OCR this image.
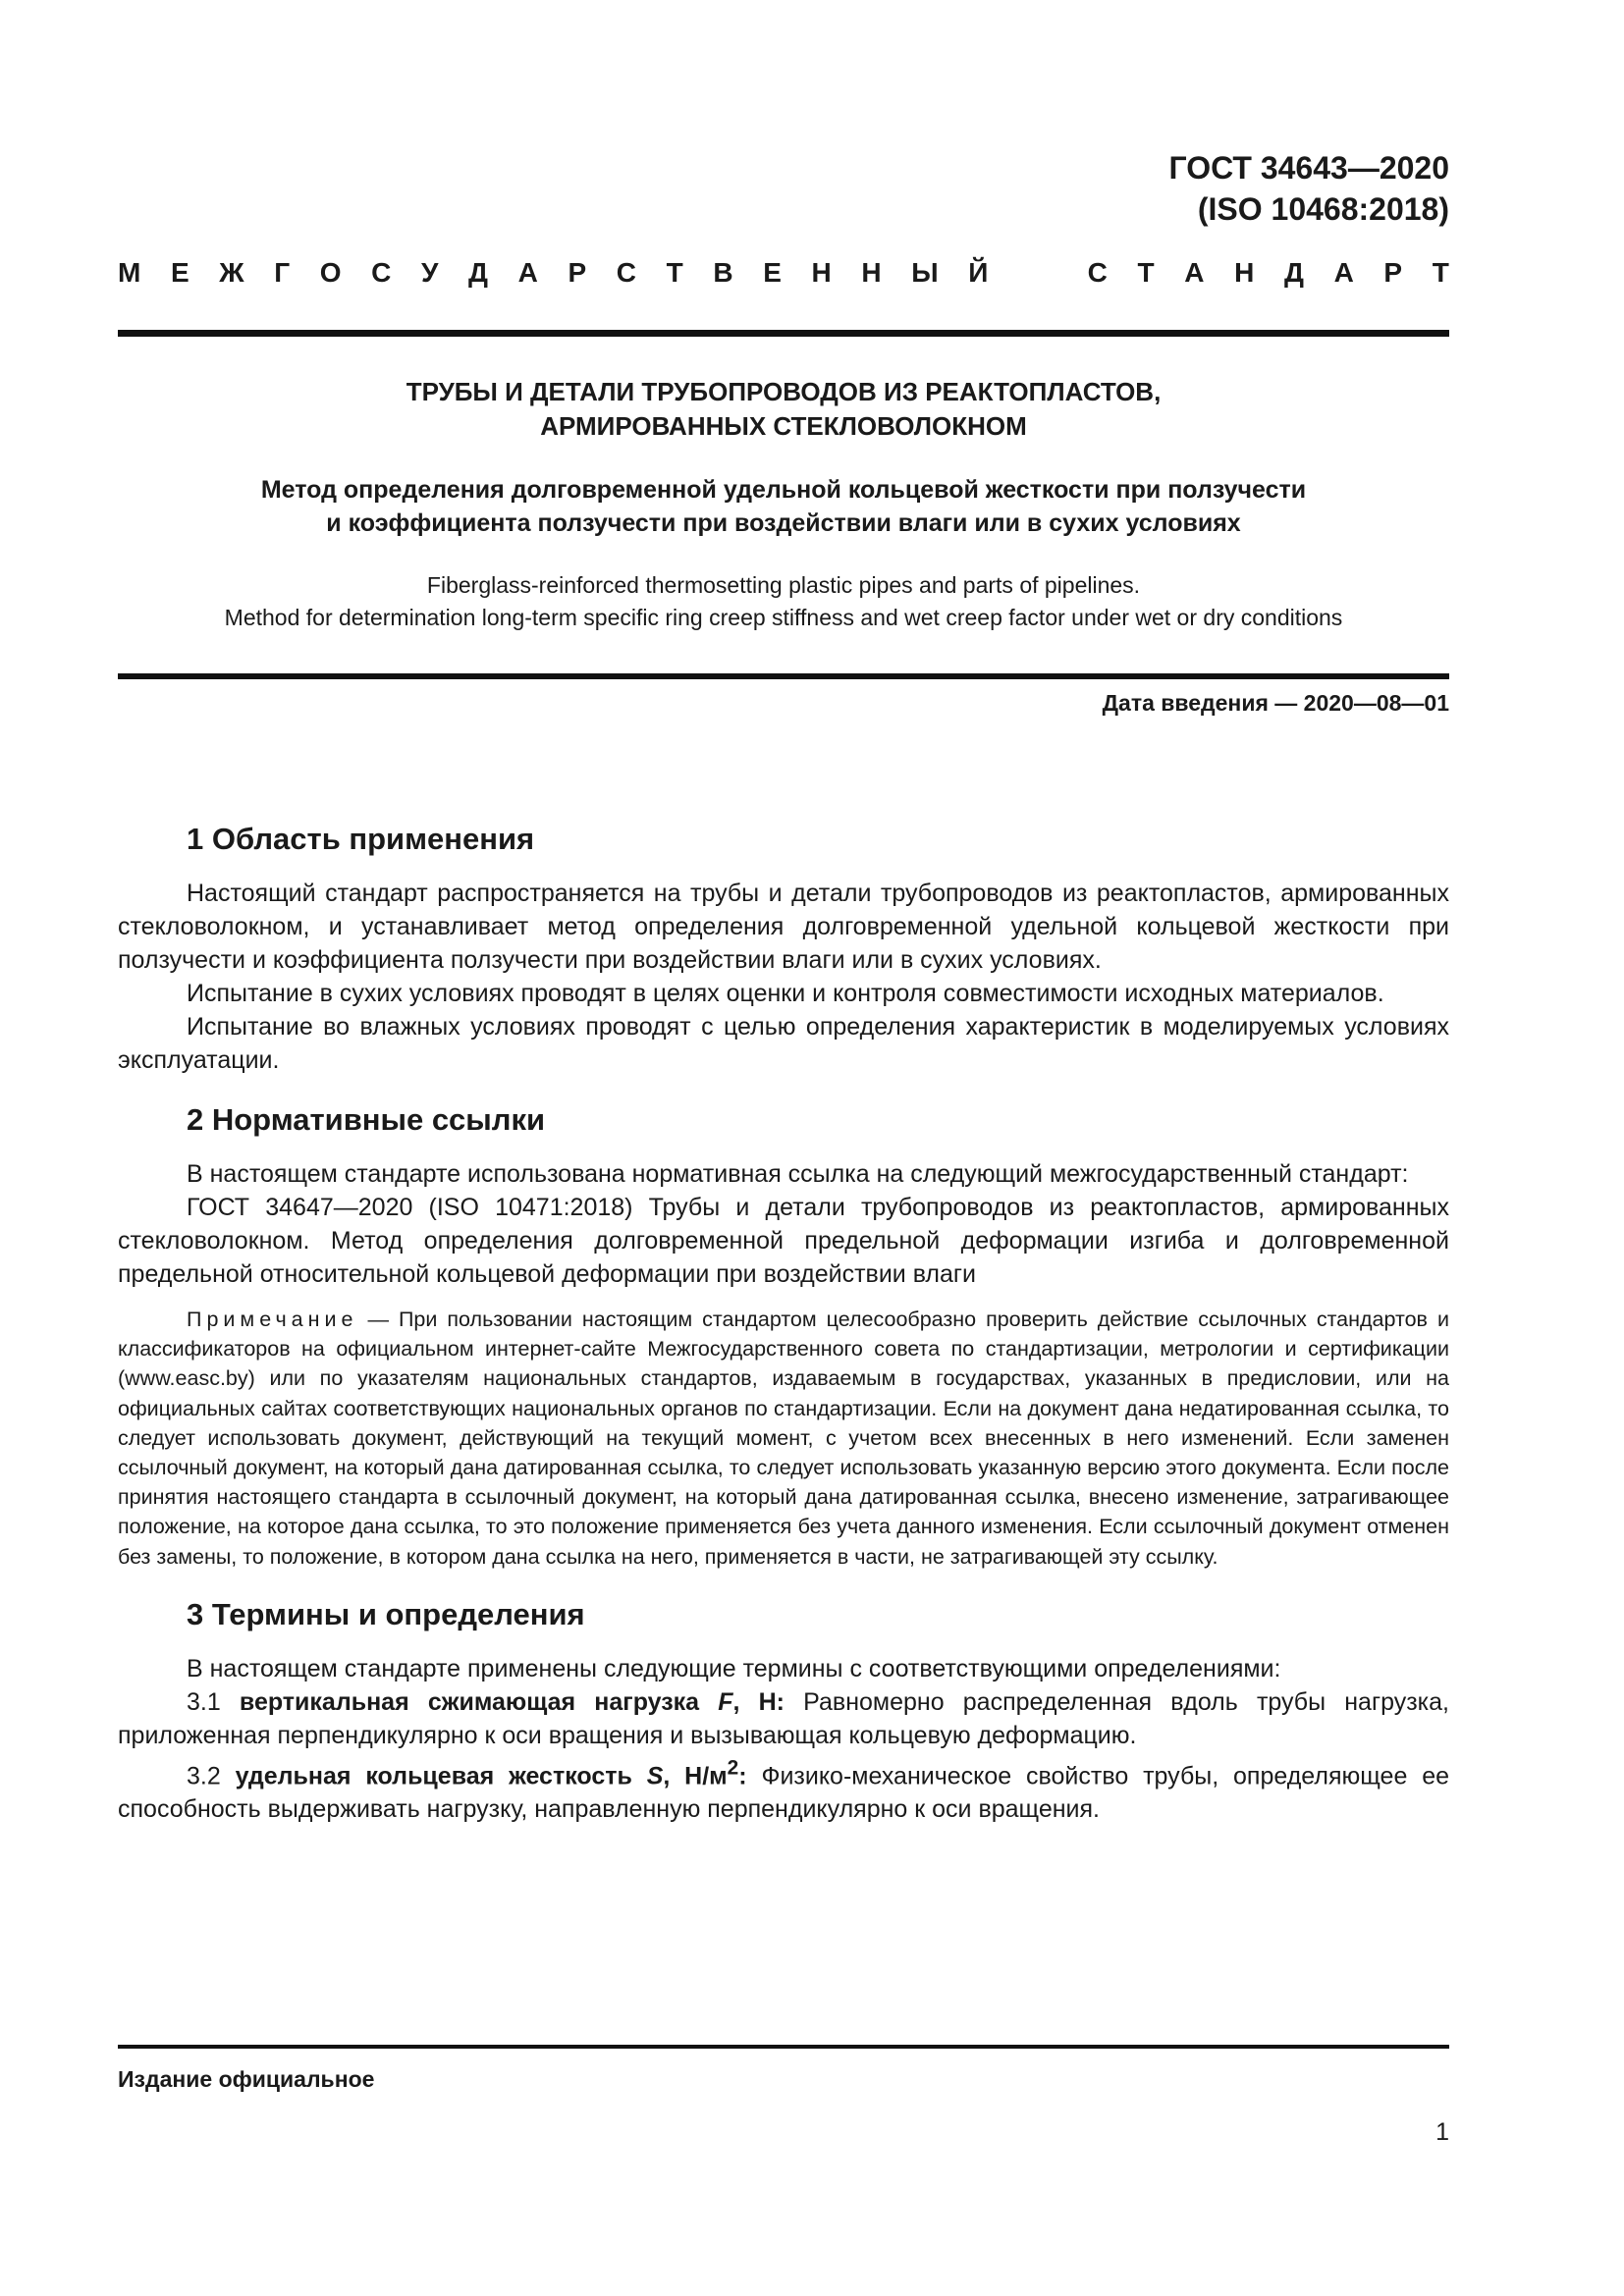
ГОСТ 34643—2020
(ISO 10468:2018)
М Е Ж Г О С У Д А Р С Т В Е Н Н Ы Й	С Т А Н Д А Р Т
ТРУБЫ И ДЕТАЛИ ТРУБОПРОВОДОВ ИЗ РЕАКТОПЛАСТОВ,
АРМИРОВАННЫХ СТЕКЛОВОЛОКНОМ
Метод определения долговременной удельной кольцевой жесткости при ползучести
и коэффициента ползучести при воздействии влаги или в сухих условиях
Fiberglass-reinforced thermosetting plastic pipes and parts of pipelines.
Method for determination long-term specific ring creep stiffness and wet creep factor under wet or dry conditions
Дата введения — 2020—08—01
1 Область применения

Настоящий стандарт распространяется на трубы и детали трубопроводов из реактопластов, армированных стекловолокном, и устанавливает метод определения долговременной удельной кольцевой жесткости при ползучести и коэффициента ползучести при воздействии влаги или в сухих условиях.

Испытание в сухих условиях проводят в целях оценки и контроля совместимости исходных материалов.

Испытание во влажных условиях проводят с целью определения характеристик в моделируемых условиях эксплуатации.

2 Нормативные ссылки

В настоящем стандарте использована нормативная ссылка на следующий межгосударственный стандарт:

ГОСТ 34647—2020 (ISO 10471:2018) Трубы и детали трубопроводов из реактопластов, армированных стекловолокном. Метод определения долговременной предельной деформации изгиба и долговременной предельной относительной кольцевой деформации при воздействии влаги

Примечание — При пользовании настоящим стандартом целесообразно проверить действие ссылочных стандартов и классификаторов на официальном интернет-сайте Межгосударственного совета по стандартизации, метрологии и сертификации (www.easc.by) или по указателям национальных стандартов, издаваемым в государствах, указанных в предисловии, или на официальных сайтах соответствующих национальных органов по стандартизации. Если на документ дана недатированная ссылка, то следует использовать документ, действующий на текущий момент, с учетом всех внесенных в него изменений. Если заменен ссылочный документ, на который дана датированная ссылка, то следует использовать указанную версию этого документа. Если после принятия настоящего стандарта в ссылочный документ, на который дана датированная ссылка, внесено изменение, затрагивающее положение, на которое дана ссылка, то это положение применяется без учета данного изменения. Если ссылочный документ отменен без замены, то положение, в котором дана ссылка на него, применяется в части, не затрагивающей эту ссылку.

3 Термины и определения

В настоящем стандарте применены следующие термины с соответствующими определениями:

3.1 вертикальная сжимающая нагрузка F, Н: Равномерно распределенная вдоль трубы нагрузка, приложенная перпендикулярно к оси вращения и вызывающая кольцевую деформацию.

3.2 удельная кольцевая жесткость S, $Н/м^2$: Физико-механическое свойство трубы, определяющее ее способность выдерживать нагрузку, направленную перпендикулярно к оси вращения.

Издание официальное
1
